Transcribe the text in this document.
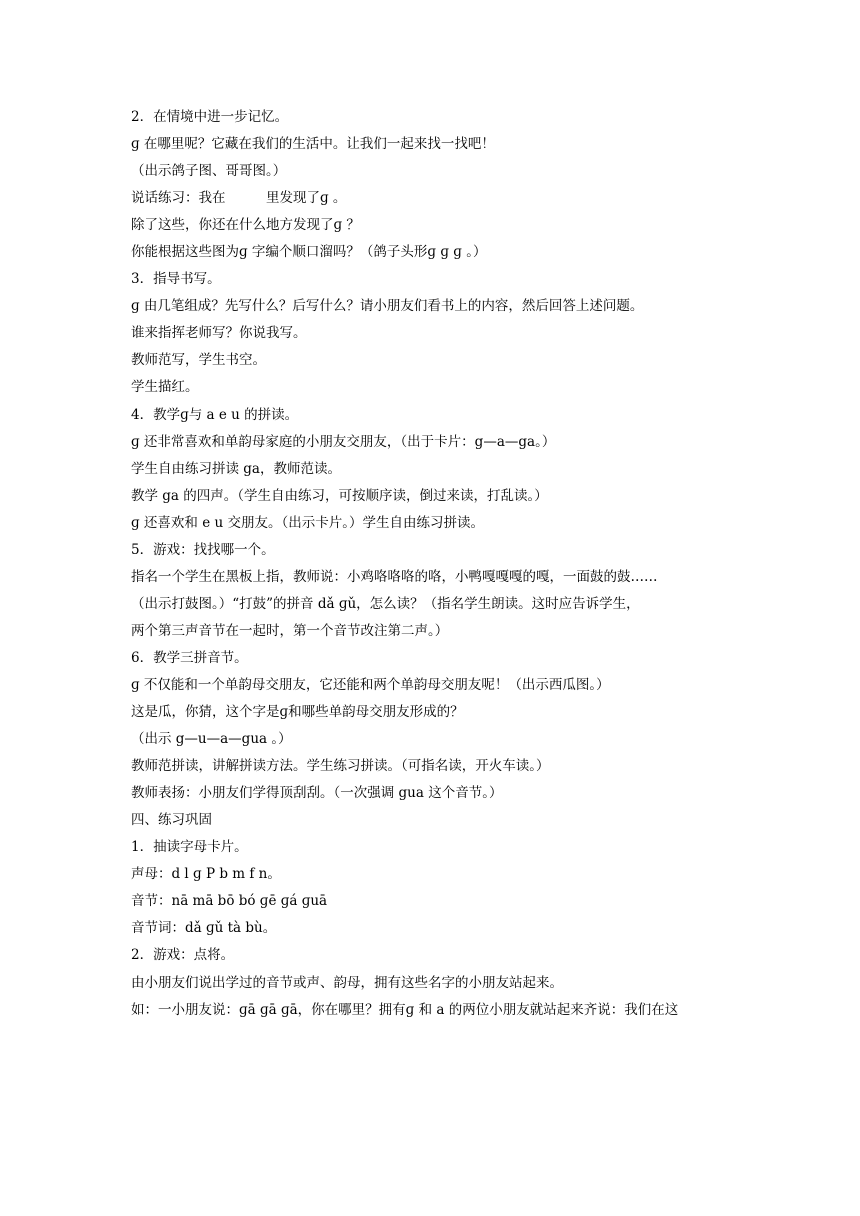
2．在情境中进一步记忆。
ɡ 在哪里呢？它藏在我们的生活中。让我们一起来找一找吧！
（出示鸽子图、哥哥图。）
说话练习：我在　　　里发现了ɡ 。
除了这些，你还在什么地方发现了ɡ ？
你能根据这些图为ɡ 字编个顺口溜吗？（鸽子头形ɡ ɡ ɡ 。）
3．指导书写。
ɡ 由几笔组成？先写什么？后写什么？请小朋友们看书上的内容，然后回答上述问题。
谁来指挥老师写？你说我写。
教师范写，学生书空。
学生描红。
4．教学ɡ与 a e u 的拼读。
ɡ 还非常喜欢和单韵母家庭的小朋友交朋友，（出于卡片：g—a—ga。）
学生自由练习拼读 ga，教师范读。
教学 ga 的四声。（学生自由练习，可按顺序读，倒过来读，打乱读。）
ɡ 还喜欢和 e u 交朋友。（出示卡片。）学生自由练习拼读。
5．游戏：找找哪一个。
指名一个学生在黑板上指，教师说：小鸡咯咯咯的咯，小鸭嘎嘎嘎的嘎，一面鼓的鼓……
（出示打鼓图。）“打鼓”的拼音 dǎ ɡǔ，怎么读？（指名学生朗读。这时应告诉学生，
两个第三声音节在一起时，第一个音节改注第二声。）
6．教学三拼音节。
ɡ 不仅能和一个单韵母交朋友，它还能和两个单韵母交朋友呢！（出示西瓜图。）
这是瓜，你猜，这个字是ɡ和哪些单韵母交朋友形成的？
（出示 g—u—a—gua 。）
教师范拼读，讲解拼读方法。学生练习拼读。（可指名读，开火车读。）
教师表扬：小朋友们学得顶刮刮。（一次强调 gua 这个音节。）
四、练习巩固
1．抽读字母卡片。
声母：d l ɡ P b m f n。
音节：nā mā bō bó ɡē ɡá ɡuā
音节词：dǎ ɡǔ tà bù。
2．游戏：点将。
由小朋友们说出学过的音节或声、韵母，拥有这些名字的小朋友站起来。
如：一小朋友说：ɡā ɡā ɡā，你在哪里？拥有ɡ 和 a 的两位小朋友就站起来齐说：我们在这
